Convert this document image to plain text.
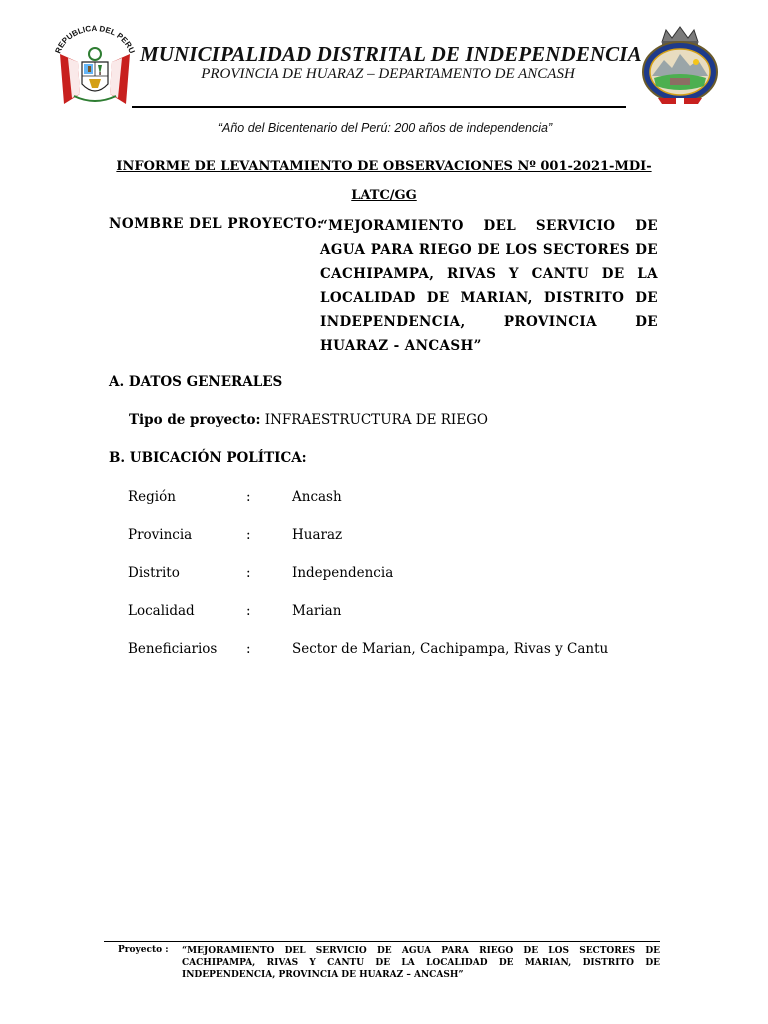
REPUBLICA DEL PERU MUNICIPALIDAD DISTRITAL DE INDEPENDENCIA
PROVINCIA DE HUARAZ – DEPARTAMENTO DE ANCASH
“Año del Bicentenario del Perú: 200 años de independencia”
INFORME DE LEVANTAMIENTO DE OBSERVACIONES Nº 001-2021-MDI-LATC/GG
NOMBRE DEL PROYECTO:
“MEJORAMIENTO DEL SERVICIO DE AGUA PARA RIEGO DE LOS SECTORES DE CACHIPAMPA, RIVAS Y CANTU DE LA LOCALIDAD DE MARIAN, DISTRITO DE INDEPENDENCIA, PROVINCIA DE HUARAZ - ANCASH”
A. DATOS GENERALES
Tipo de proyecto: INFRAESTRUCTURA DE RIEGO
B. UBICACIÓN POLÍTICA:
Región	:	Ancash
Provincia	:	Huaraz
Distrito	:	Independencia
Localidad	:	Marian
Beneficiarios :	Sector de Marian, Cachipampa, Rivas y Cantu
Proyecto : “MEJORAMIENTO DEL SERVICIO DE AGUA PARA RIEGO DE LOS SECTORES DE CACHIPAMPA, RIVAS Y CANTU DE LA LOCALIDAD DE MARIAN, DISTRITO DE INDEPENDENCIA, PROVINCIA DE HUARAZ – ANCASH”
